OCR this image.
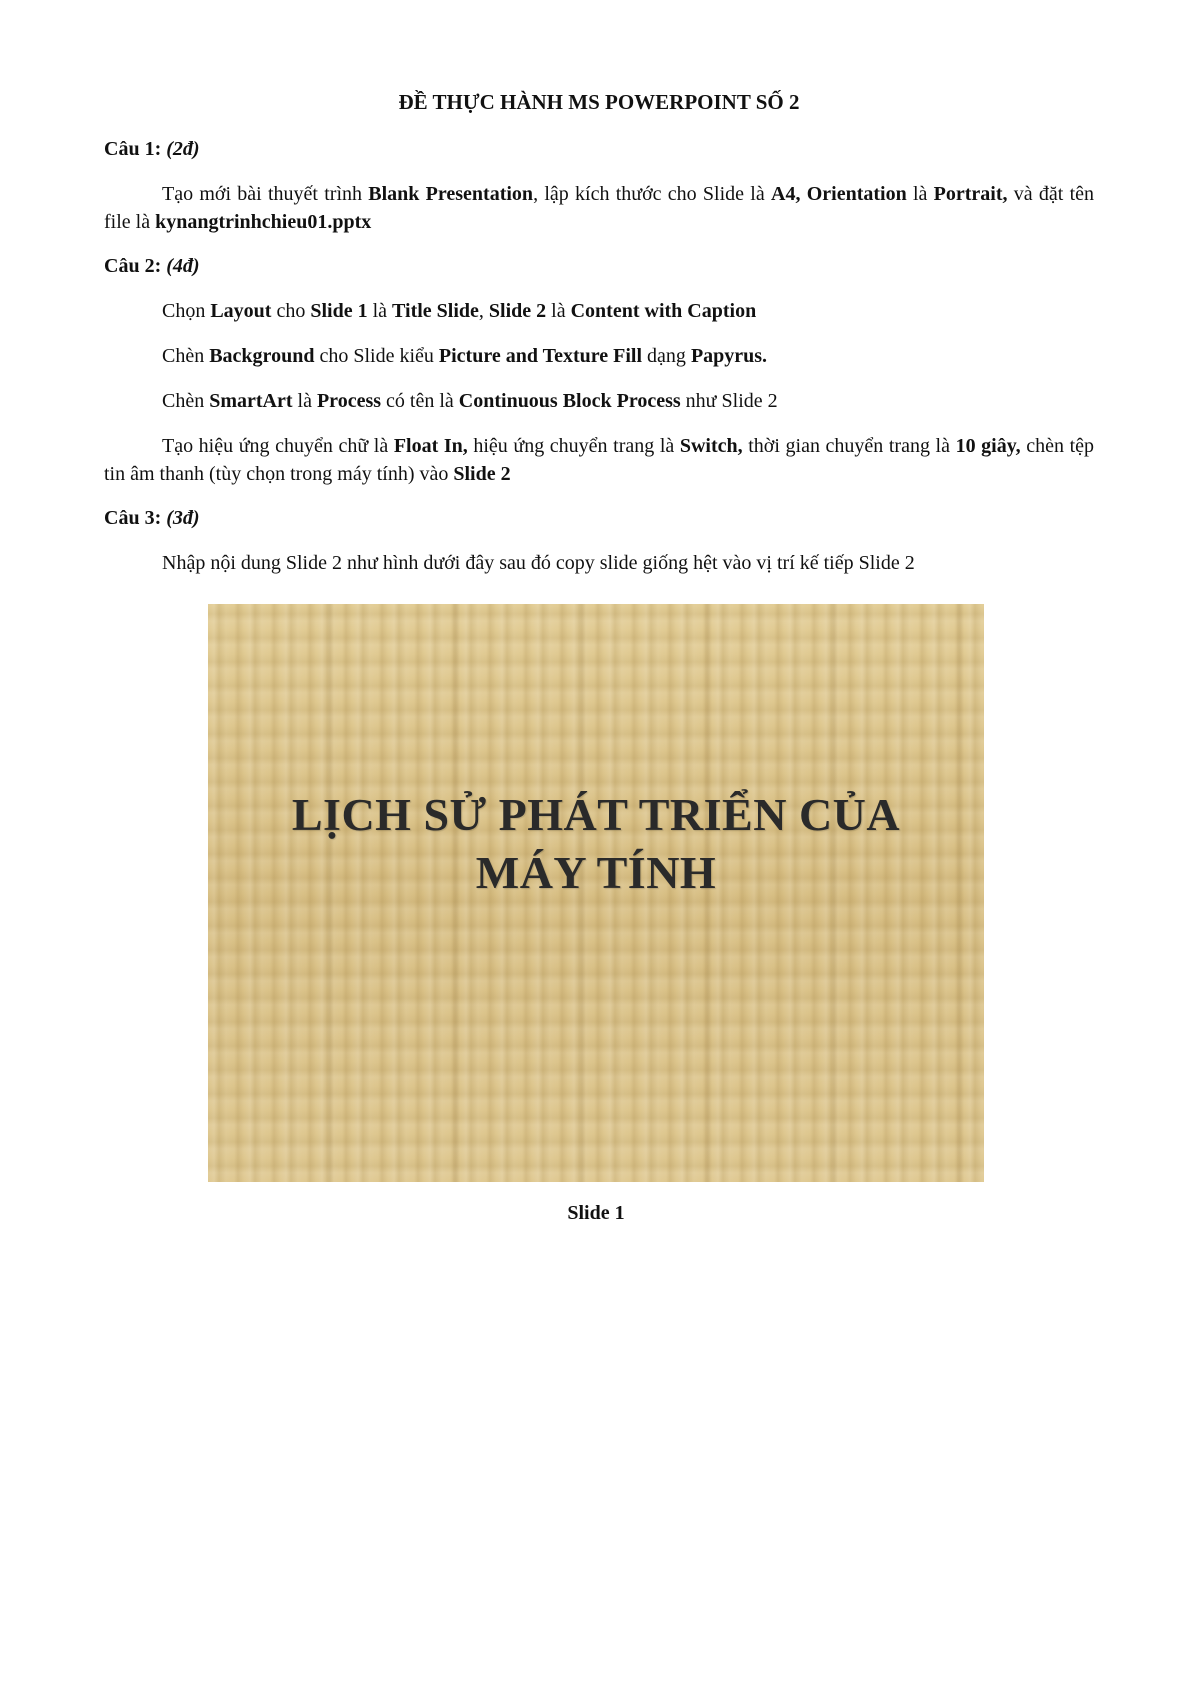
ĐỀ THỰC HÀNH MS POWERPOINT SỐ 2
Câu 1: (2đ)
Tạo mới bài thuyết trình Blank Presentation, lập kích thước cho Slide là A4, Orientation là Portrait, và đặt tên file là kynangtrinhchieu01.pptx
Câu 2: (4đ)
Chọn Layout cho Slide 1 là Title Slide, Slide 2 là Content with Caption
Chèn Background cho Slide kiểu Picture and Texture Fill dạng Papyrus.
Chèn SmartArt là Process có tên là Continuous Block Process như Slide 2
Tạo hiệu ứng chuyển chữ là Float In, hiệu ứng chuyển trang là Switch, thời gian chuyển trang là 10 giây, chèn tệp tin âm thanh (tùy chọn trong máy tính) vào Slide 2
Câu 3: (3đ)
Nhập nội dung Slide 2 như hình dưới đây sau đó copy slide giống hệt vào vị trí kế tiếp Slide 2
LỊCH SỬ PHÁT TRIỂN CỦA
MÁY TÍNH
Slide 1
